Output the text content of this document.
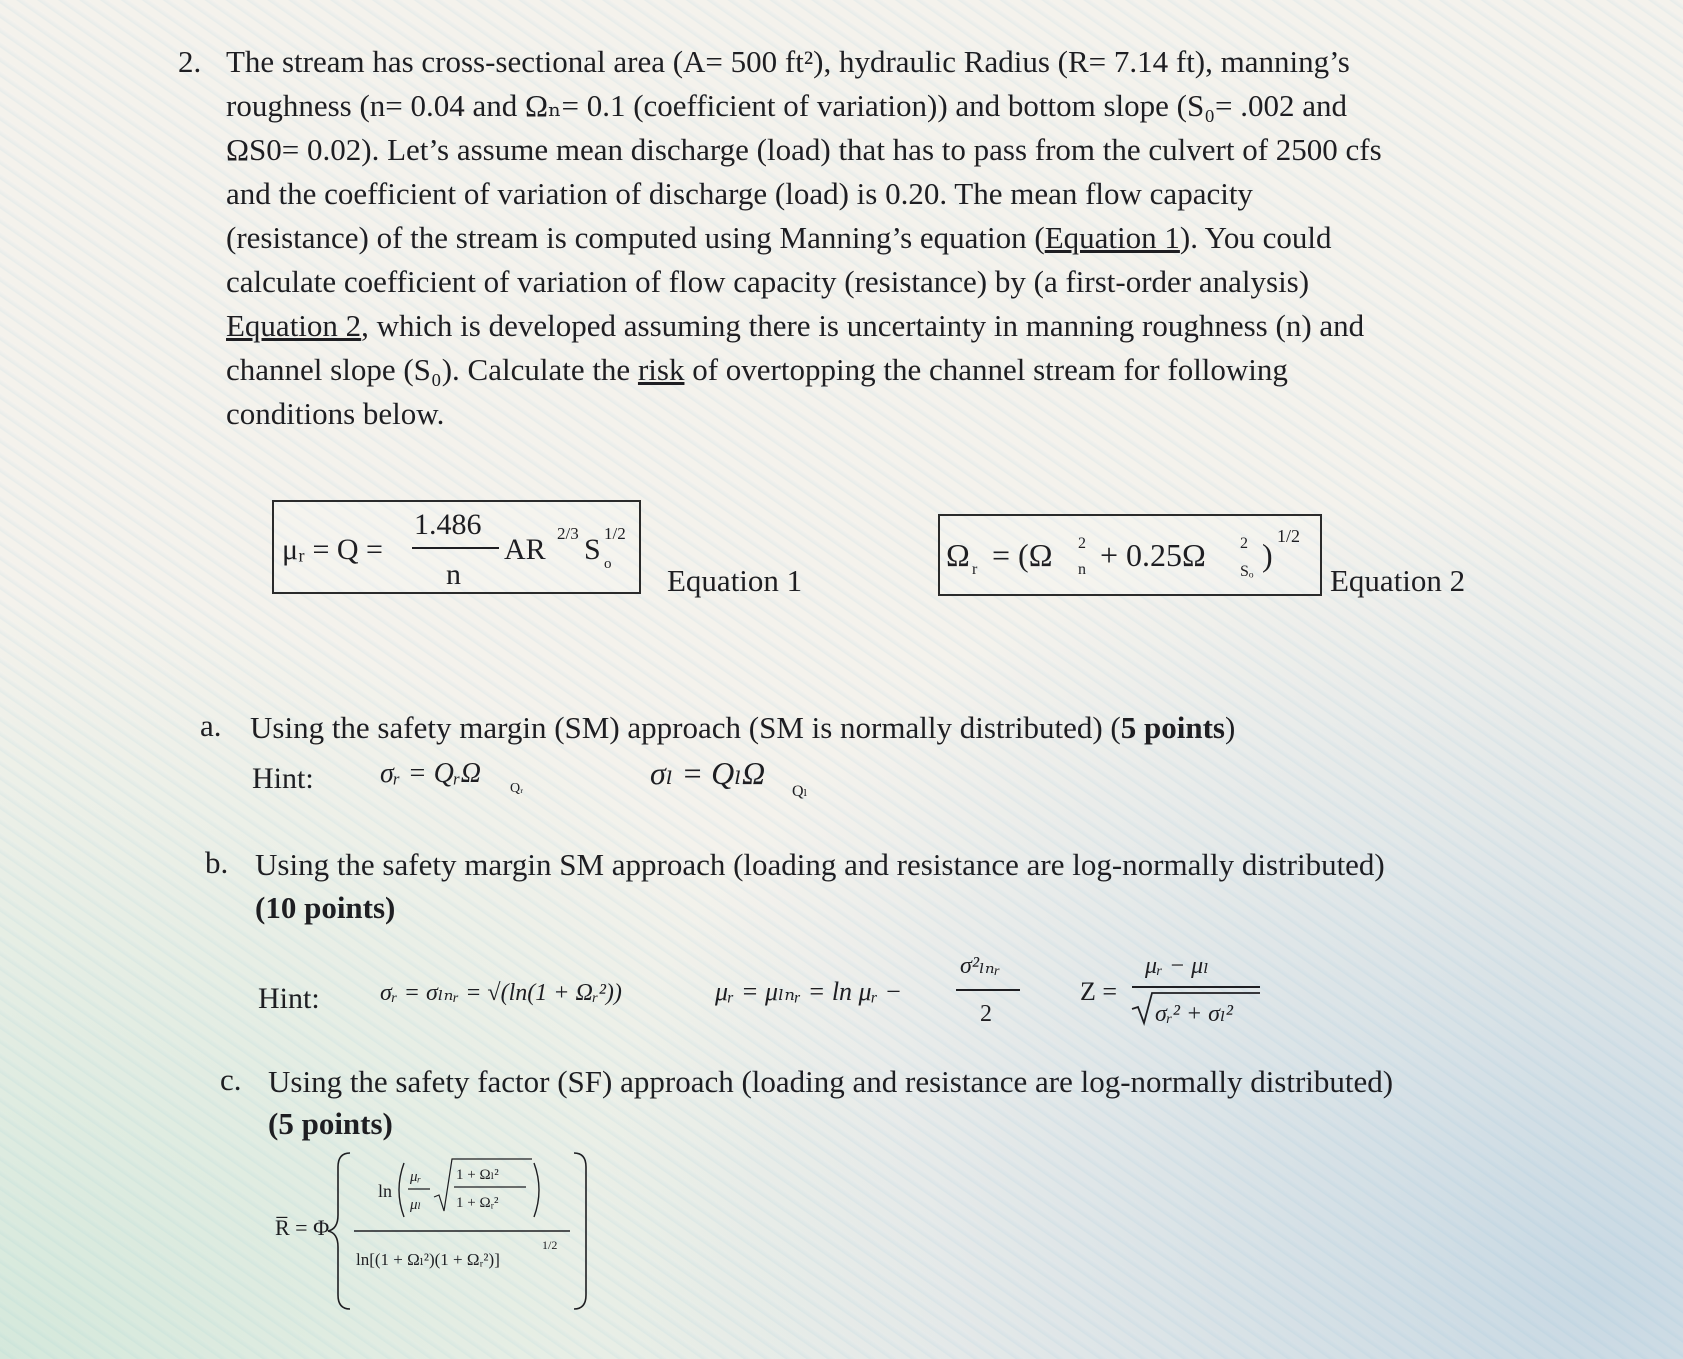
2. The stream has cross-sectional area (A= 500 ft²), hydraulic Radius (R= 7.14 ft), manning’s

roughness (n= 0.04 and Ωₙ= 0.1 (coefficient of variation)) and bottom slope (S₀= .002 and

ΩS0= 0.02). Let’s assume mean discharge (load) that has to pass from the culvert of 2500 cfs

and the coefficient of variation of discharge (load) is 0.20. The mean flow capacity

(resistance) of the stream is computed using Manning’s equation (Equation 1). You could

calculate coefficient of variation of flow capacity (resistance) by (a first-order analysis)

Equation 2, which is developed assuming there is uncertainty in manning roughness (n) and

channel slope (S₀). Calculate the risk of overtopping the channel stream for following

conditions below.

μᵣ = Q =
1.486
n
AR 2/3 S o
1/2
Equation 1
Ω r = (Ω 2
n + 0.25Ω 2
Sₒ )
1/2
Equation 2
a. Using the safety margin (SM) approach (SM is normally distributed) (5 points)
Hint: σᵣ = QᵣΩ Qᵣ	σₗ = QₗΩ
Qₗ
b. Using the safety margin SM approach (loading and resistance are log-normally distributed)
(10 points)
Hint:	σᵣ = σₗₙᵣ = √(ln(1 + Ωᵣ²))	μᵣ = μₗₙᵣ = ln μᵣ −
σ²ₗₙᵣ
2
Z =
μᵣ − μₗ
σᵣ² + σₗ²
c. Using the safety factor (SF) approach (loading and resistance are log-normally distributed)
(5 points)
R̅ = Φ
ln
μᵣ
μₗ
1 + Ωₗ²
1 + Ωᵣ²
ln[(1 + Ωₗ²)(1 + Ωᵣ²)]
1/2
